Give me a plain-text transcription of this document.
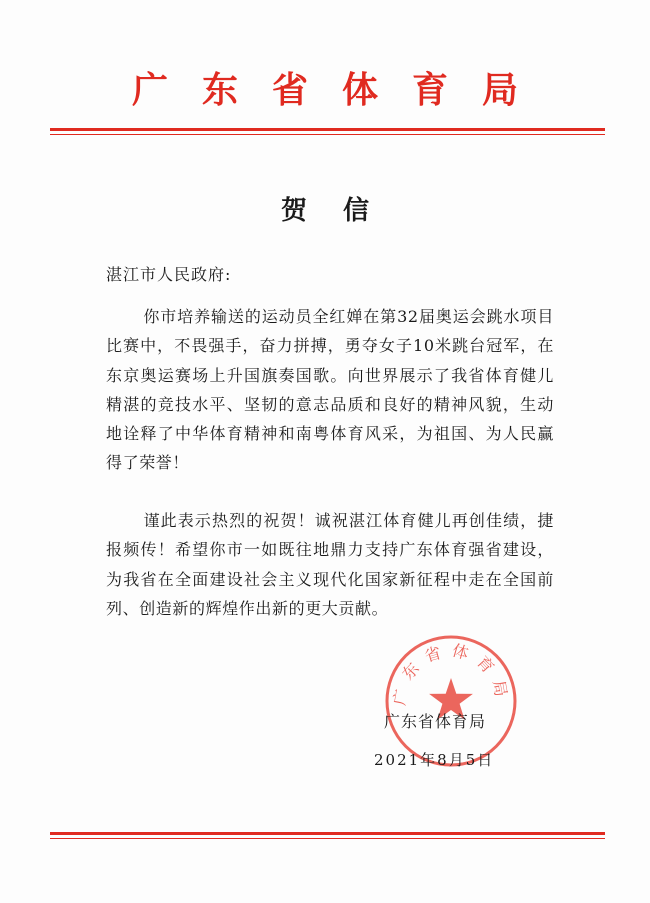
广东省体育局
贺信
湛江市人民政府:
你市培养输送的运动员全红婵在第32届奥运会跳水项目比赛中，不畏强手，奋力拼搏，勇夺女子10米跳台冠军，在东京奥运赛场上升国旗奏国歌。向世界展示了我省体育健儿精湛的竞技水平、坚韧的意志品质和良好的精神风貌，生动地诠释了中华体育精神和南粤体育风采，为祖国、为人民赢得了荣誉！
谨此表示热烈的祝贺！诚祝湛江体育健儿再创佳绩，捷报频传！希望你市一如既往地鼎力支持广东体育强省建设，为我省在全面建设社会主义现代化国家新征程中走在全国前列、创造新的辉煌作出新的更大贡献。
广东省体育局
广东省体育局
2021年8月5日
